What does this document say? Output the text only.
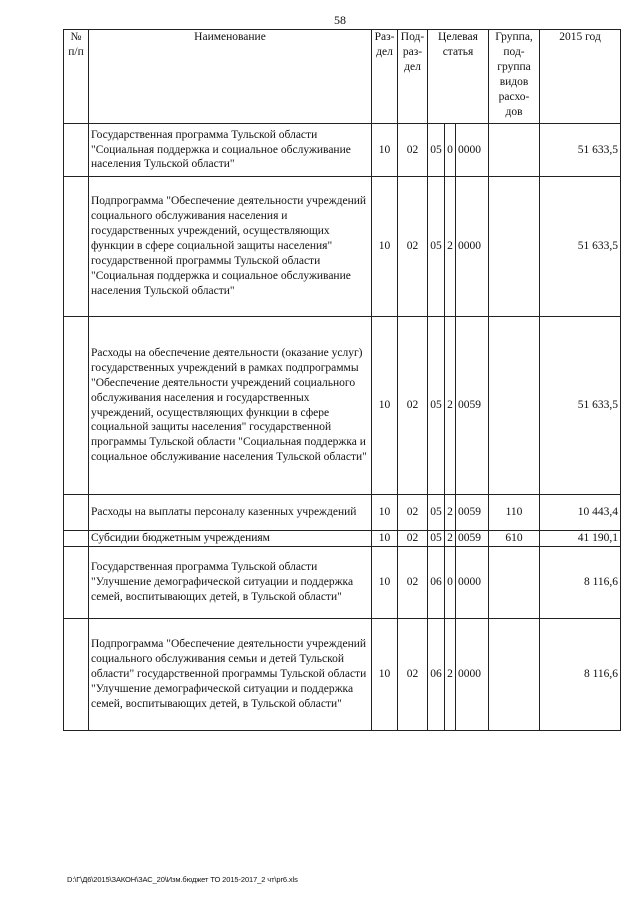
58
№ п/п	Наименование	Раз- дел	Под- раз- дел	Целевая статья			Группа, под- группа видов расхо- дов	2015 год
	Государственная программа Тульской области "Социальная поддержка и социальное обслуживание населения Тульской области"	10	02	05	0	0000		51 633,5
	Подпрограмма "Обеспечение деятельности учреждений социального обслуживания населения и государственных учреждений, осуществляющих функции в сфере социальной защиты населения" государственной программы Тульской области "Социальная поддержка и социальное обслуживание населения Тульской области"	10	02	05	2	0000		51 633,5
	Расходы на обеспечение деятельности (оказание услуг) государственных учреждений в рамках подпрограммы "Обеспечение деятельности учреждений социального обслуживания населения и государственных учреждений, осуществляющих функции в сфере социальной защиты населения" государственной программы Тульской области "Социальная поддержка и социальное обслуживание населения Тульской области"	10	02	05	2	0059		51 633,5
	Расходы на выплаты персоналу казенных учреждений	10	02	05	2	0059	110	10 443,4
	Субсидии бюджетным учреждениям	10	02	05	2	0059	610	41 190,1
	Государственная программа Тульской области "Улучшение демографической ситуации и поддержка семей, воспитывающих детей, в Тульской области"	10	02	06	0	0000		8 116,6
	Подпрограмма "Обеспечение деятельности учреждений социального обслуживания семьи и детей Тульской области" государственной программы Тульской области "Улучшение демографической ситуации и поддержка семей, воспитывающих детей, в Тульской области"	10	02	06	2	0000		8 116,6
D:\Г\Д6\2015\ЗАКОН\ЗАС_20\Изм.бюджет ТО 2015-2017_2 чт\pr6.xls
